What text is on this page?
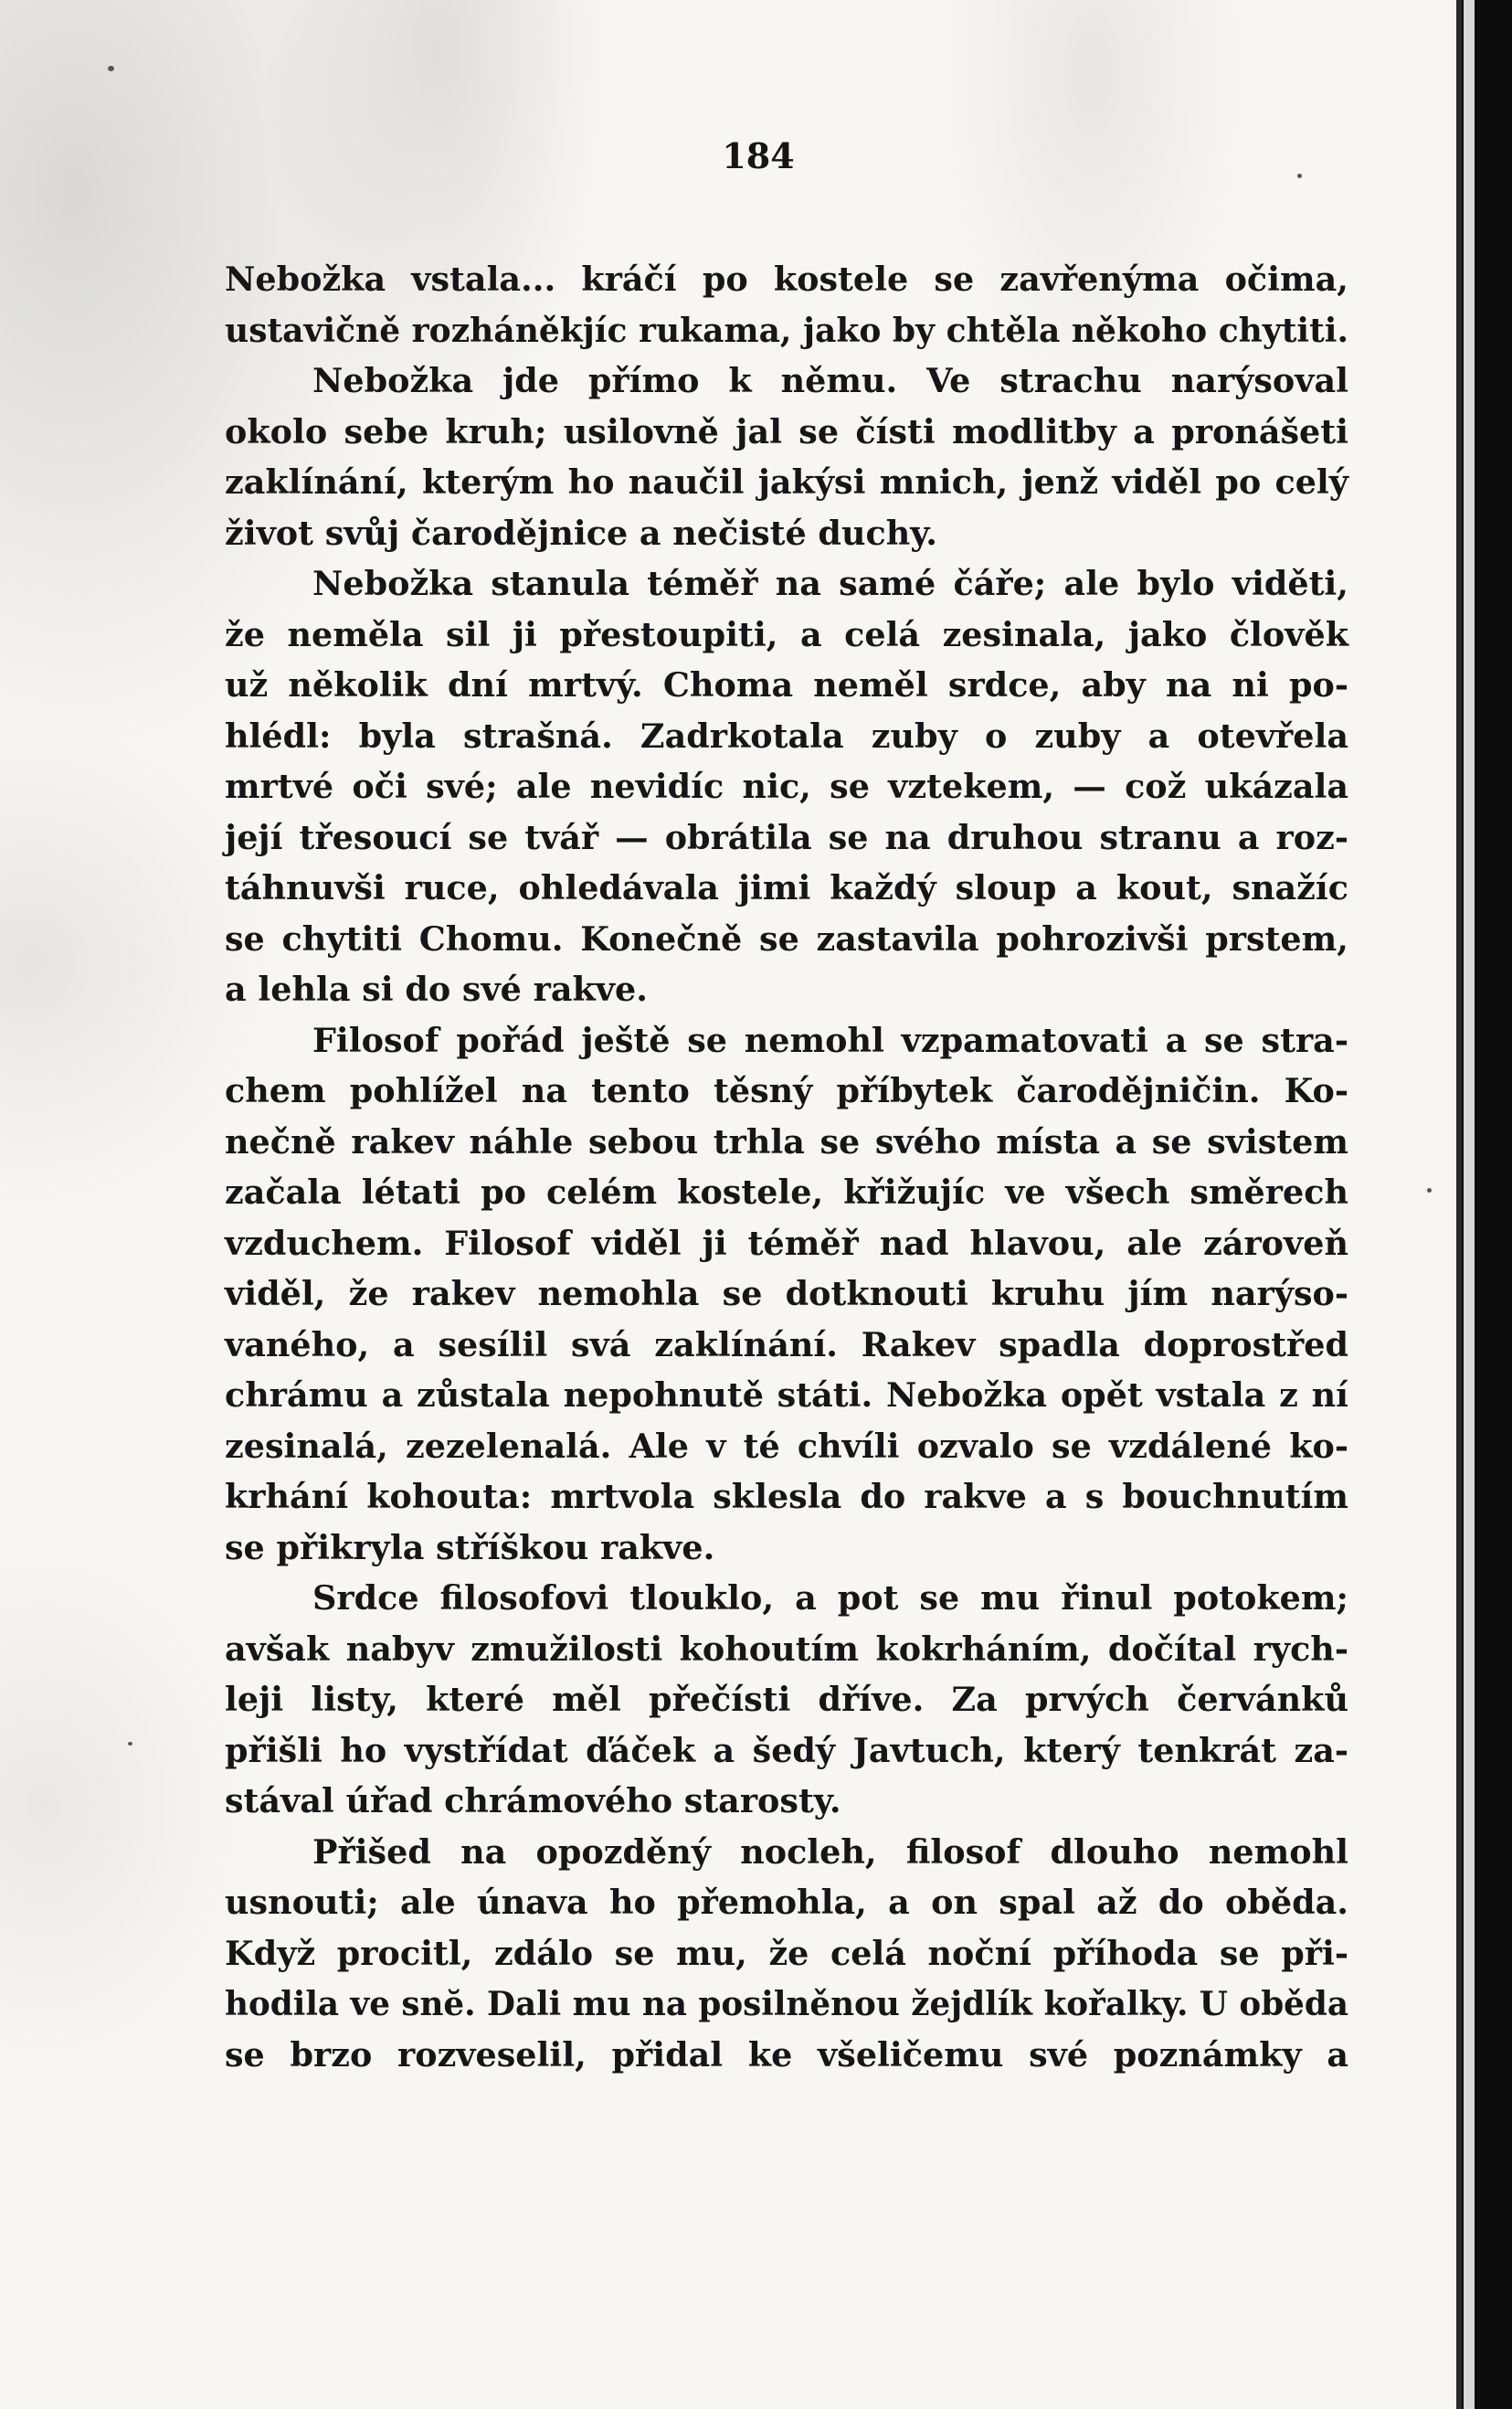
184
Nebožka vstala... kráčí po kostele se zavřenýma očima,
ustavičně rozháněkjíc rukama, jako by chtěla někoho chytiti.
Nebožka jde přímo k němu. Ve strachu narýsoval
okolo sebe kruh; usilovně jal se čísti modlitby a pronášeti
zaklínání, kterým ho naučil jakýsi mnich, jenž viděl po celý
život svůj čarodějnice a nečisté duchy.
Nebožka stanula téměř na samé čáře; ale bylo viděti,
že neměla sil ji přestoupiti, a celá zesinala, jako člověk
už několik dní mrtvý. Choma neměl srdce, aby na ni po-
hlédl: byla strašná. Zadrkotala zuby o zuby a otevřela
mrtvé oči své; ale nevidíc nic, se vztekem, — což ukázala
její třesoucí se tvář — obrátila se na druhou stranu a roz-
táhnuvši ruce, ohledávala jimi každý sloup a kout, snažíc
se chytiti Chomu. Konečně se zastavila pohrozivši prstem,
a lehla si do své rakve.
Filosof pořád ještě se nemohl vzpamatovati a se stra-
chem pohlížel na tento těsný příbytek čarodějničin. Ko-
nečně rakev náhle sebou trhla se svého místa a se svistem
začala létati po celém kostele, křižujíc ve všech směrech
vzduchem. Filosof viděl ji téměř nad hlavou, ale zároveň
viděl, že rakev nemohla se dotknouti kruhu jím narýso-
vaného, a sesílil svá zaklínání. Rakev spadla doprostřed
chrámu a zůstala nepohnutě státi. Nebožka opět vstala z ní
zesinalá, zezelenalá. Ale v té chvíli ozvalo se vzdálené ko-
krhání kohouta: mrtvola sklesla do rakve a s bouchnutím
se přikryla stříškou rakve.
Srdce filosofovi tlouklo, a pot se mu řinul potokem;
avšak nabyv zmužilosti kohoutím kokrháním, dočítal rych-
leji listy, které měl přečísti dříve. Za prvých červánků
přišli ho vystřídat ďáček a šedý Javtuch, který tenkrát za-
stával úřad chrámového starosty.
Přišed na opozděný nocleh, filosof dlouho nemohl
usnouti; ale únava ho přemohla, a on spal až do oběda.
Když procitl, zdálo se mu, že celá noční příhoda se při-
hodila ve snĕ. Dali mu na posilněnou žejdlík kořalky. U oběda
se brzo rozveselil, přidal ke všeličemu své poznámky a
